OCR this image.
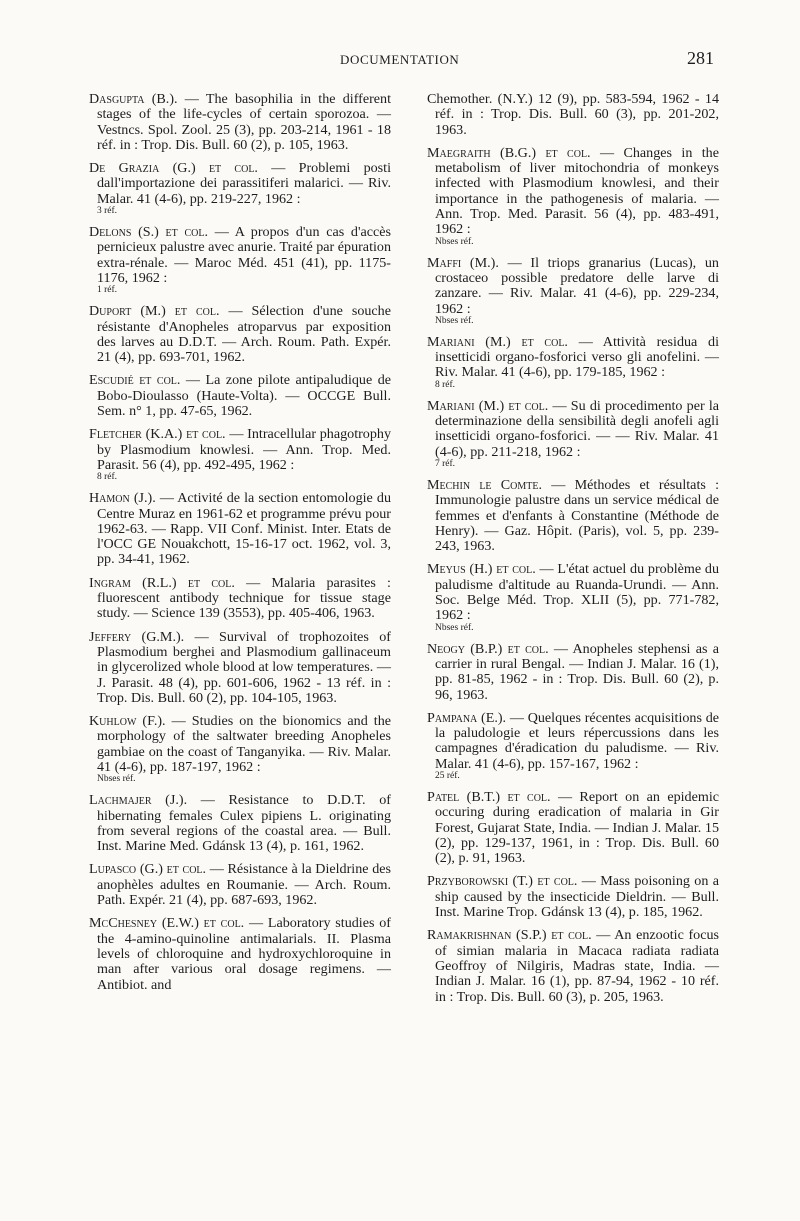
DOCUMENTATION	281

Dasgupta (B.). — The basophilia in the different stages of the life-cycles of certain sporozoa. — Vestncs. Spol. Zool. 25 (3), pp. 203-214, 1961 - 18 réf. in : Trop. Dis. Bull. 60 (2), p. 105, 1963.

De Grazia (G.) et col. — Problemi posti dall'importazione dei parassitiferi malarici. — Riv. Malar. 41 (4-6), pp. 219-227, 1962 :
3 réf.

Delons (S.) et col. — A propos d'un cas d'accès pernicieux palustre avec anurie. Traité par épuration extra-rénale. — Maroc Méd. 451 (41), pp. 1175-1176, 1962 :
1 réf.

Duport (M.) et col. — Sélection d'une souche résistante d'Anopheles atroparvus par exposition des larves au D.D.T. — Arch. Roum. Path. Expér. 21 (4), pp. 693-701, 1962.

Escudié et col. — La zone pilote antipaludique de Bobo-Dioulasso (Haute-Volta). — OCCGE Bull. Sem. n° 1, pp. 47-65, 1962.

Fletcher (K.A.) et col. — Intracellular phagotrophy by Plasmodium knowlesi. — Ann. Trop. Med. Parasit. 56 (4), pp. 492-495, 1962 :
8 réf.

Hamon (J.). — Activité de la section entomologie du Centre Muraz en 1961-62 et programme prévu pour 1962-63. — Rapp. VII Conf. Minist. Inter. Etats de l'OCC GE Nouakchott, 15-16-17 oct. 1962, vol. 3, pp. 34-41, 1962.

Ingram (R.L.) et col. — Malaria parasites : fluorescent antibody technique for tissue stage study. — Science 139 (3553), pp. 405-406, 1963.

Jeffery (G.M.). — Survival of trophozoites of Plasmodium berghei and Plasmodium gallinaceum in glycerolized whole blood at low temperatures. — J. Parasit. 48 (4), pp. 601-606, 1962 - 13 réf. in : Trop. Dis. Bull. 60 (2), pp. 104-105, 1963.

Kuhlow (F.). — Studies on the bionomics and the morphology of the saltwater breeding Anopheles gambiae on the coast of Tanganyika. — Riv. Malar. 41 (4-6), pp. 187-197, 1962 :
Nbses réf.

Lachmajer (J.). — Resistance to D.D.T. of hibernating females Culex pipiens L. originating from several regions of the coastal area. — Bull. Inst. Marine Med. Gdánsk 13 (4), p. 161, 1962.

Lupasco (G.) et col. — Résistance à la Dieldrine des anophèles adultes en Roumanie. — Arch. Roum. Path. Expér. 21 (4), pp. 687-693, 1962.

McChesney (E.W.) et col. — Laboratory studies of the 4-amino-quinoline antimalarials. II. Plasma levels of chloroquine and hydroxychloroquine in man after various oral dosage regimens. — Antibiot. and

Chemother. (N.Y.) 12 (9), pp. 583-594, 1962 - 14 réf. in : Trop. Dis. Bull. 60 (3), pp. 201-202, 1963.

Maegraith (B.G.) et col. — Changes in the metabolism of liver mitochondria of monkeys infected with Plasmodium knowlesi, and their importance in the pathogenesis of malaria. — Ann. Trop. Med. Parasit. 56 (4), pp. 483-491, 1962 :
Nbses réf.

Maffi (M.). — Il triops granarius (Lucas), un crostaceo possible predatore delle larve di zanzare. — Riv. Malar. 41 (4-6), pp. 229-234, 1962 :
Nbses réf.

Mariani (M.) et col. — Attività residua di insetticidi organo-fosforici verso gli anofelini. — Riv. Malar. 41 (4-6), pp. 179-185, 1962 :
8 réf.

Mariani (M.) et col. — Su di procedimento per la determinazione della sensibilità degli anofeli agli insetticidi organo-fosforici. — — Riv. Malar. 41 (4-6), pp. 211-218, 1962 :
7 réf.

Mechin le Comte. — Méthodes et résultats : Immunologie palustre dans un service médical de femmes et d'enfants à Constantine (Méthode de Henry). — Gaz. Hôpit. (Paris), vol. 5, pp. 239-243, 1963.

Meyus (H.) et col. — L'état actuel du problème du paludisme d'altitude au Ruanda-Urundi. — Ann. Soc. Belge Méd. Trop. XLII (5), pp. 771-782, 1962 :
Nbses réf.

Neogy (B.P.) et col. — Anopheles stephensi as a carrier in rural Bengal. — Indian J. Malar. 16 (1), pp. 81-85, 1962 - in : Trop. Dis. Bull. 60 (2), p. 96, 1963.

Pampana (E.). — Quelques récentes acquisitions de la paludologie et leurs répercussions dans les campagnes d'éradication du paludisme. — Riv. Malar. 41 (4-6), pp. 157-167, 1962 :
25 réf.

Patel (B.T.) et col. — Report on an epidemic occuring during eradication of malaria in Gir Forest, Gujarat State, India. — Indian J. Malar. 15 (2), pp. 129-137, 1961, in : Trop. Dis. Bull. 60 (2), p. 91, 1963.

Przyborowski (T.) et col. — Mass poisoning on a ship caused by the insecticide Dieldrin. — Bull. Inst. Marine Trop. Gdánsk 13 (4), p. 185, 1962.

Ramakrishnan (S.P.) et col. — An enzootic focus of simian malaria in Macaca radiata radiata Geoffroy of Nilgiris, Madras state, India. — Indian J. Malar. 16 (1), pp. 87-94, 1962 - 10 réf. in : Trop. Dis. Bull. 60 (3), p. 205, 1963.
